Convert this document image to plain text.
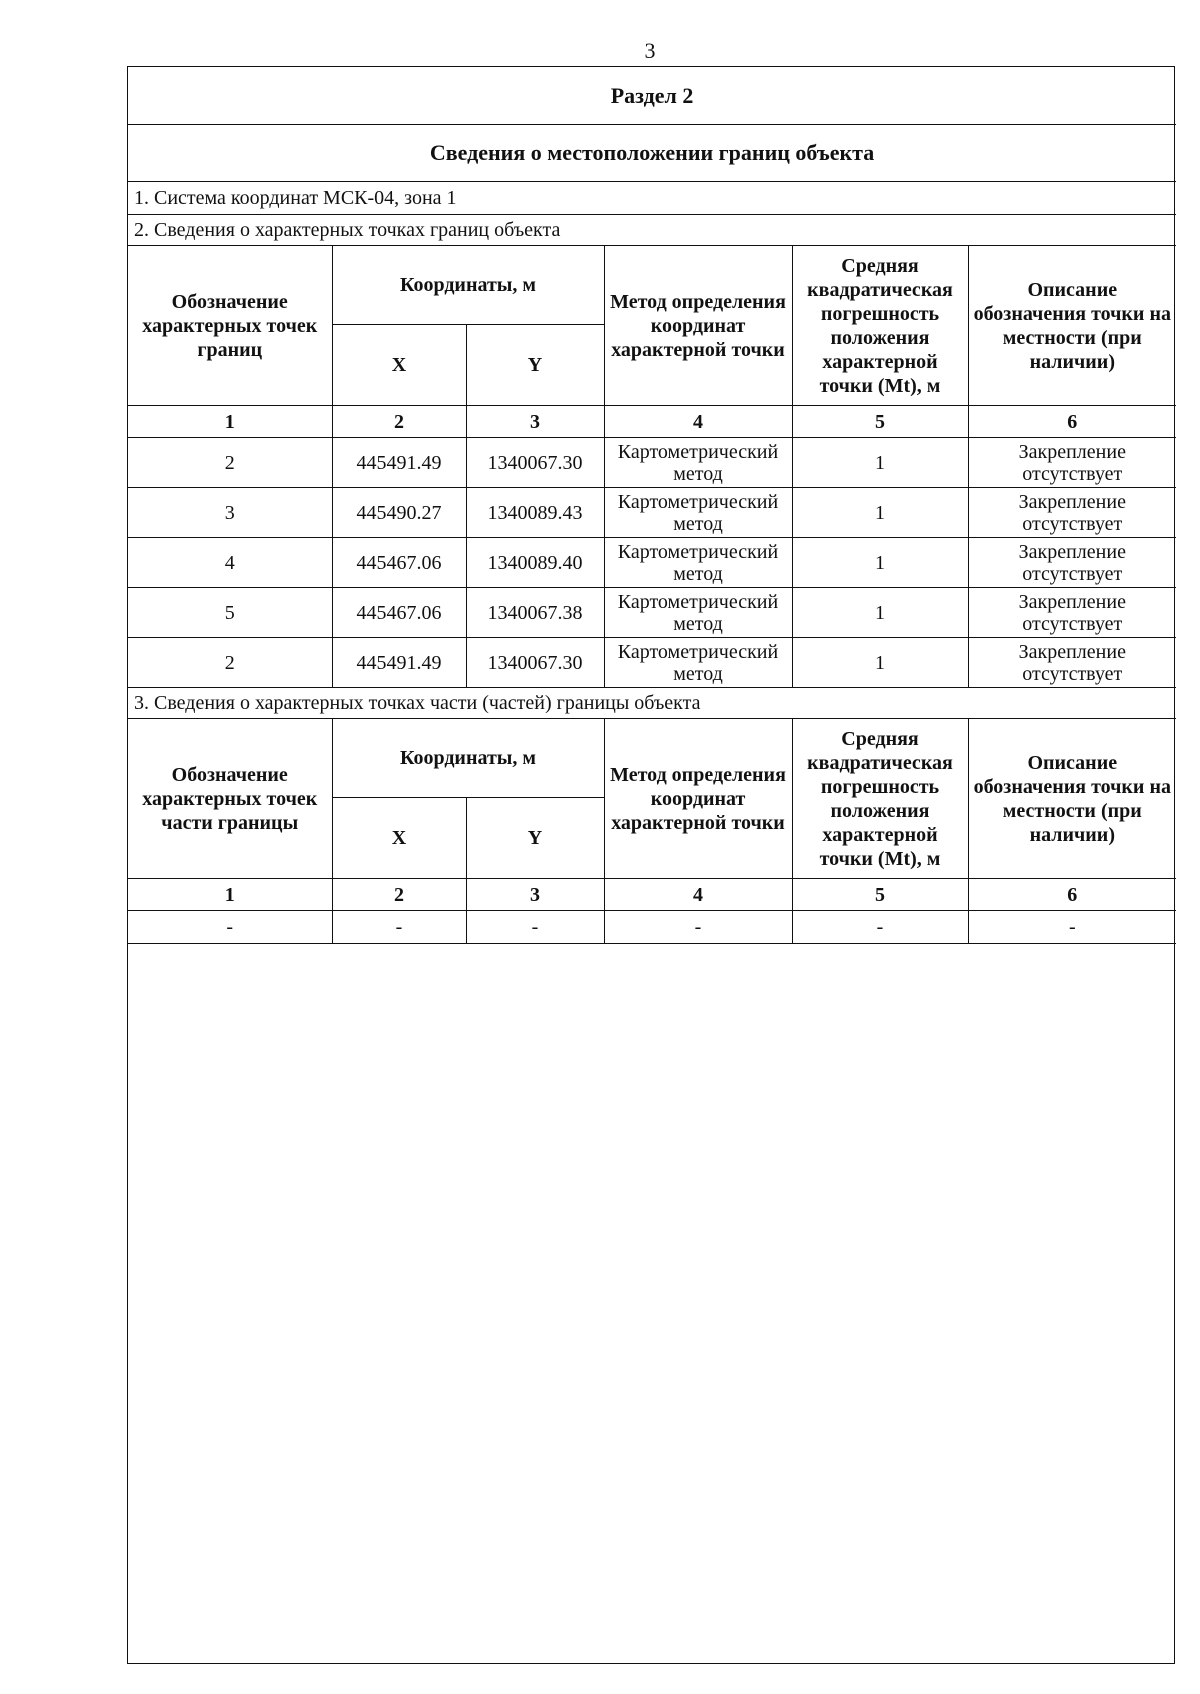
3
Раздел 2					
Сведения о местоположении границ объекта					
1. Система координат МСК-04, зона 1					
2. Сведения о характерных точках границ объекта					
Обозначение характерных точек границ	Координаты, м		Метод определения координат характерной точки	Средняя квадратическая погрешность положения характерной точки (Mt), м	Описание обозначения точки на местности (при наличии)
	X	Y			
1	2	3	4	5	6
2	445491.49	1340067.30	Картометрический метод	1	Закрепление отсутствует
3	445490.27	1340089.43	Картометрический метод	1	Закрепление отсутствует
4	445467.06	1340089.40	Картометрический метод	1	Закрепление отсутствует
5	445467.06	1340067.38	Картометрический метод	1	Закрепление отсутствует
2	445491.49	1340067.30	Картометрический метод	1	Закрепление отсутствует
3. Сведения о характерных точках части (частей) границы объекта					
Обозначение характерных точек части границы	Координаты, м		Метод определения координат характерной точки	Средняя квадратическая погрешность положения характерной точки (Mt), м	Описание обозначения точки на местности (при наличии)
	X	Y			
1	2	3	4	5	6
-	-	-	-	-	-
